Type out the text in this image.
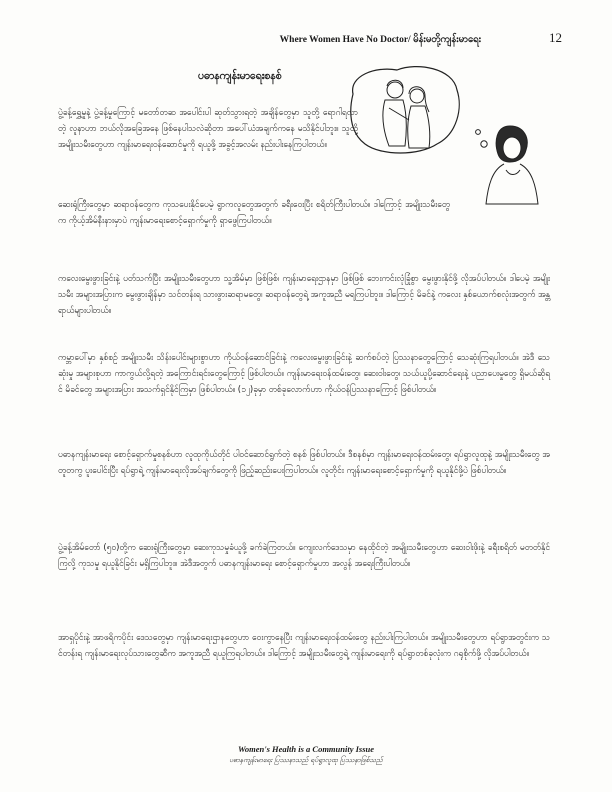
Where Women Have No Doctor/ မိန်းမတို့ကျန်းမာရေး	12
ပဓာနကျန်းမာရေးစနစ်

ပွဲ့ခန့်ရွှေ့မှုနဲ့ ပွဲ့ခန့်မှုကြောင့် မတော်တဆ အပေါင်းပါ ဆုတ်သွားရတဲ့ အချိန်တွေမှာ သူတို့ ရောဂါရလာတဲ့ လူနာဟာ ဘယ်လိုအခြေအနေ ဖြစ်နေပါသလဲဆိုတာ အပေါ်ယံအချက်ကနေ မသိနိုင်ပါဘူး။ သူတို့ အမျိုးသမီးတွေဟာ ကျန်းမာရေးဝန်ဆောင်မှုကို ရယူဖို့ အခွင့်အလမ်း နည်းပါးနေကြပါတယ်။

ဆေးရုံကြီးတွေမှာ ဆရာဝန်တွေက ကုသပေးနိုင်ပေမဲ့ ရွာကလူတွေအတွက် ခရီးဝေးပြီး စရိတ်ကြီးပါတယ်။ ဒါကြောင့် အမျိုးသမီးတွေက ကိုယ့်အိမ်နီးနားမှာပဲ ကျန်းမာရေးစောင့်ရှောက်မှုကို ရှာဖွေကြပါတယ်။

ကလေးမွေးဖွားခြင်းနဲ့ ပတ်သက်ပြီး အမျိုးသမီးတွေဟာ သူ့အိမ်မှာ ဖြစ်ဖြစ်၊ ကျန်းမာရေးဌာနမှာ ဖြစ်ဖြစ် ဘေးကင်းလုံခြုံစွာ မွေးဖွားနိုင်ဖို့ လိုအပ်ပါတယ်။ ဒါပေမဲ့ အမျိုးသမီး အများအပြားက မွေးဖွားချိန်မှာ သင်တန်းရ သားဖွားဆရာမတွေ၊ ဆရာဝန်တွေရဲ့ အကူအညီ မရကြပါဘူး။ ဒါကြောင့် မိခင်နဲ့ ကလေး နှစ်ယောက်စလုံးအတွက် အန္တရာယ်များပါတယ်။

ကမ္ဘာပေါ်မှာ နှစ်စဉ် အမျိုးသမီး သိန်းပေါင်းများစွာဟာ ကိုယ်ဝန်ဆောင်ခြင်းနဲ့ ကလေးမွေးဖွားခြင်းနဲ့ ဆက်စပ်တဲ့ ပြဿနာတွေကြောင့် သေဆုံးကြရပါတယ်။ အဲဒီ သေဆုံးမှု အများစုဟာ ကာကွယ်လို့ရတဲ့ အကြောင်းရင်းတွေကြောင့် ဖြစ်ပါတယ်။ ကျန်းမာရေးဝန်ထမ်းတွေ၊ ဆေးဝါးတွေ၊ သယ်ယူပို့ဆောင်ရေးနဲ့ ပညာပေးမှုတွေ ရှိမယ်ဆိုရင် မိခင်တွေ အများအပြား အသက်ရှင်နိုင်ကြမှာ ဖြစ်ပါတယ်။ (၁၂)ခုမှာ တစ်ခုလောက်ဟာ ကိုယ်ဝန်ပြဿနာကြောင့် ဖြစ်ပါတယ်။

ပဓာနကျန်းမာရေး စောင့်ရှောက်မှုစနစ်ဟာ လူထုကိုယ်တိုင် ပါဝင်ဆောင်ရွက်တဲ့ စနစ် ဖြစ်ပါတယ်။ ဒီစနစ်မှာ ကျန်းမာရေးဝန်ထမ်းတွေ၊ ရပ်ရွာလူထုနဲ့ အမျိုးသမီးတွေ အတူတကွ ပူးပေါင်းပြီး ရပ်ရွာရဲ့ ကျန်းမာရေးလိုအပ်ချက်တွေကို ဖြည့်ဆည်းပေးကြပါတယ်။ လူတိုင်း ကျန်းမာရေးစောင့်ရှောက်မှုကို ရယူနိုင်ဖို့ပဲ ဖြစ်ပါတယ်။

ပွဲ့ခန့်အိမ်တော် (၅၀)တို့က ဆေးရုံကြီးတွေမှာ ဆေးကုသမှုခံယူဖို့ ခက်ခဲကြတယ်။ ကျေးလက်ဒေသမှာ နေထိုင်တဲ့ အမျိုးသမီးတွေဟာ ဆေးဝါးဖိုးနဲ့ ခရီးစရိတ် မတတ်နိုင်ကြလို့ ကုသမှု ရယူနိုင်ခြင်း မရှိကြပါဘူး။ အဲဒီအတွက် ပဓာနကျန်းမာရေး စောင့်ရှောက်မှုဟာ အလွန် အရေးကြီးပါတယ်။

အာရှပိုင်းနဲ့ အာဖရိကပိုင်း ဒေသတွေမှာ ကျန်းမာရေးဌာနတွေဟာ ဝေးကွာနေပြီး ကျန်းမာရေးဝန်ထမ်းတွေ နည်းပါးကြပါတယ်။ အမျိုးသမီးတွေဟာ ရပ်ရွာအတွင်းက သင်တန်းရ ကျန်းမာရေးလုပ်သားတွေဆီက အကူအညီ ရယူကြရပါတယ်။ ဒါကြောင့် အမျိုးသမီးတွေရဲ့ ကျန်းမာရေးကို ရပ်ရွာတစ်ခုလုံးက ဂရုစိုက်ဖို့ လိုအပ်ပါတယ်။

Women's Health is a Community Issue
ပဓာနကျန်းမာရေး ပြဿနာသည် ရပ်ရွာလူထု ပြဿနာဖြစ်သည်
